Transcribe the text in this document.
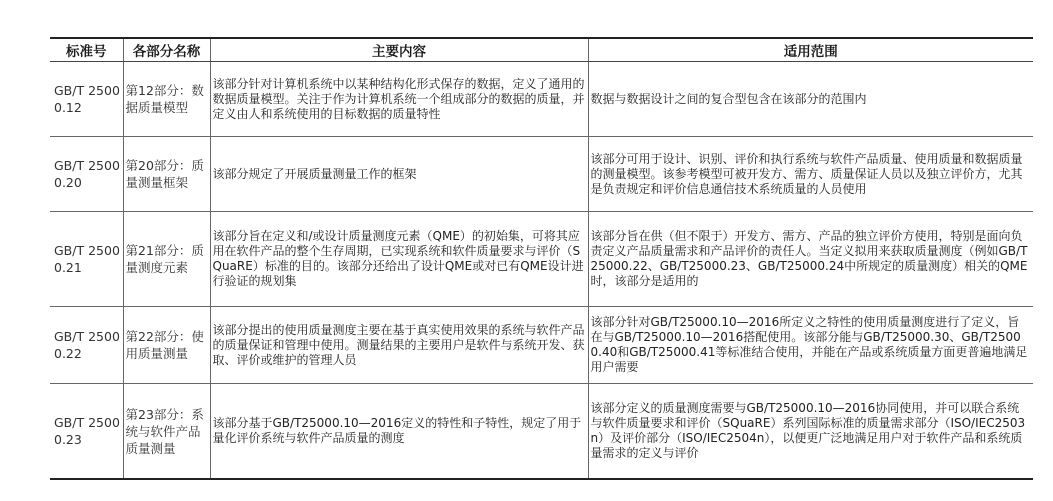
标准号	各部分名称	主要内容	适用范围
GB/T 25000.12	第12部分：数据质量模型	该部分针对计算机系统中以某种结构化形式保存的数据，定义了通用的数据质量模型。关注于作为计算机系统一个组成部分的数据的质量，并定义由人和系统使用的目标数据的质量特性	数据与数据设计之间的复合型包含在该部分的范围内
GB/T 25000.20	第20部分：质量测量框架	该部分规定了开展质量测量工作的框架	该部分可用于设计、识别、评价和执行系统与软件产品质量、使用质量和数据质量的测量模型。该参考模型可被开发方、需方、质量保证人员以及独立评价方，尤其是负责规定和评价信息通信技术系统质量的人员使用
GB/T 25000.21	第21部分：质量测度元素	该部分旨在定义和/或设计质量测度元素（QME）的初始集，可将其应用在软件产品的整个生存周期，已实现系统和软件质量要求与评价（SQuaRE）标准的目的。该部分还给出了设计QME或对已有QME设计进行验证的规划集	该部分旨在供（但不限于）开发方、需方、产品的独立评价方使用，特别是面向负责定义产品质量需求和产品评价的责任人。当定义拟用来获取质量测度（例如GB/T25000.22、GB/T25000.23、GB/T25000.24中所规定的质量测度）相关的QME时，该部分是适用的
GB/T 25000.22	第22部分：使用质量测量	该部分提出的使用质量测度主要在基于真实使用效果的系统与软件产品的质量保证和管理中使用。测量结果的主要用户是软件与系统开发、获取、评价或维护的管理人员	该部分针对GB/T25000.10—2016所定义之特性的使用质量测度进行了定义，旨在与GB/T25000.10—2016搭配使用。该部分能与GB/T25000.30、GB/T25000.40和GB/T25000.41等标准结合使用，并能在产品或系统质量方面更普遍地满足用户需要
GB/T 25000.23	第23部分：系统与软件产品质量测量	该部分基于GB/T25000.10—2016定义的特性和子特性，规定了用于量化评价系统与软件产品质量的测度	该部分定义的质量测度需要与GB/T25000.10—2016协同使用，并可以联合系统与软件质量要求和评价（SQuaRE）系列国际标准的质量需求部分（ISO/IEC2503n）及评价部分（ISO/IEC2504n），以便更广泛地满足用户对于软件产品和系统质量需求的定义与评价
